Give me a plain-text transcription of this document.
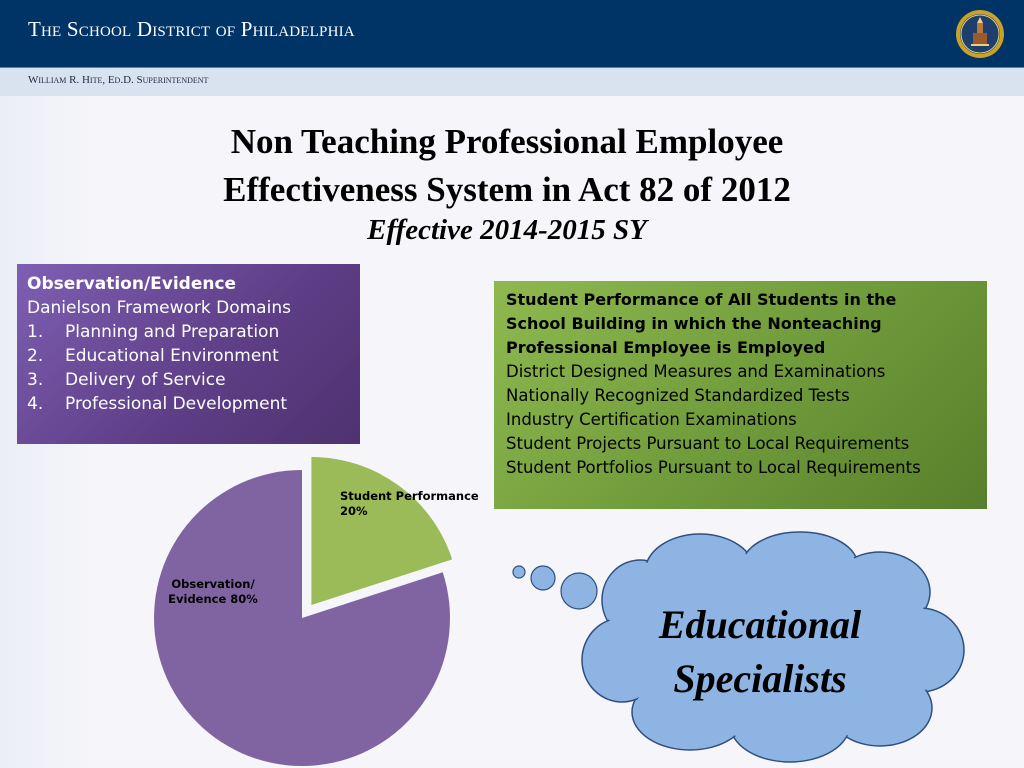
The School District of Philadelphia
William R. Hite, Ed.D. Superintendent
Non Teaching Professional Employee
Effectiveness System in Act 82 of 2012
Effective 2014-2015 SY
Observation/Evidence
Danielson Framework Domains
1.	Planning and Preparation
2.	Educational Environment
3.	Delivery of Service
4.	Professional Development
Student Performance of All Students in the
School Building in which the Nonteaching
Professional Employee is Employed
District Designed Measures and Examinations
Nationally Recognized Standardized Tests
Industry Certification Examinations
Student Projects Pursuant to Local Requirements
Student Portfolios Pursuant to Local Requirements
Observation/
Evidence 80%
Student Performance
20%
Educational
Specialists
